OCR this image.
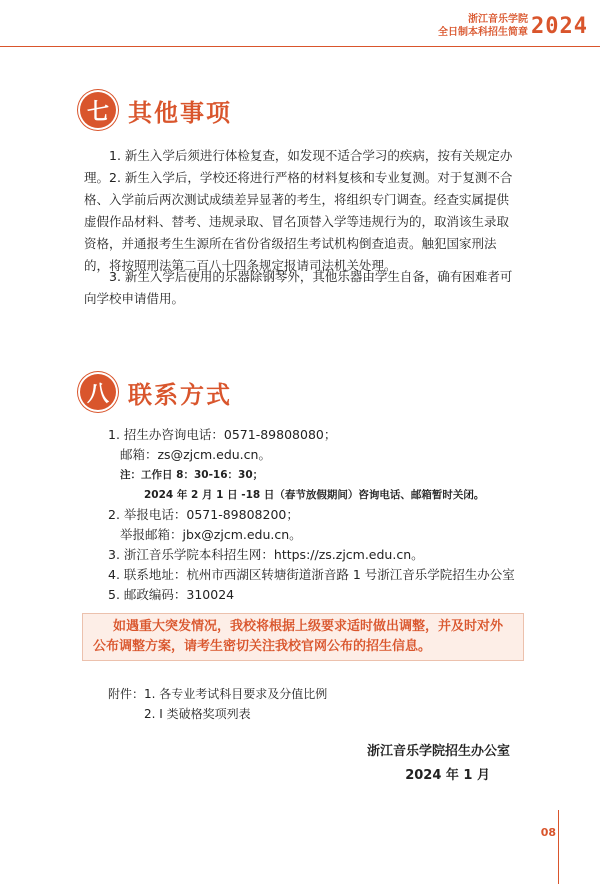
浙江音乐学院
全日制本科招生简章 2024
七 其他事项
1. 新生入学后须进行体检复查，如发现不适合学习的疾病，按有关规定办理。 2. 新生入学后，学校还将进行严格的材料复核和专业复测。对于复测不合格、入学前后两次测试成绩差异显著的考生，将组织专门调查。经查实属提供虚假作品材料、替考、违规录取、冒名顶替入学等违规行为的，取消该生录取资格，并通报考生生源所在省份省级招生考试机构倒查追责。触犯国家刑法的，将按照刑法第二百八十四条规定报请司法机关处理。
3. 新生入学后使用的乐器除钢琴外，其他乐器由学生自备，确有困难者可向学校申请借用。
八 联系方式
1. 招生办咨询电话：0571-89808080；
邮箱：zs@zjcm.edu.cn。
注：工作日 8：30-16：30；
2024 年 2 月 1 日 -18 日（春节放假期间）咨询电话、邮箱暂时关闭。
2. 举报电话：0571-89808200；
举报邮箱：jbx@zjcm.edu.cn。
3. 浙江音乐学院本科招生网：https://zs.zjcm.edu.cn。
4. 联系地址：杭州市西湖区转塘街道浙音路 1 号浙江音乐学院招生办公室
5. 邮政编码：310024
如遇重大突发情况，我校将根据上级要求适时做出调整，并及时对外公布调整方案，请考生密切关注我校官网公布的招生信息。
附件：1. 各专业考试科目要求及分值比例
2. I 类破格奖项列表
浙江音乐学院招生办公室
2024 年 1 月
08
